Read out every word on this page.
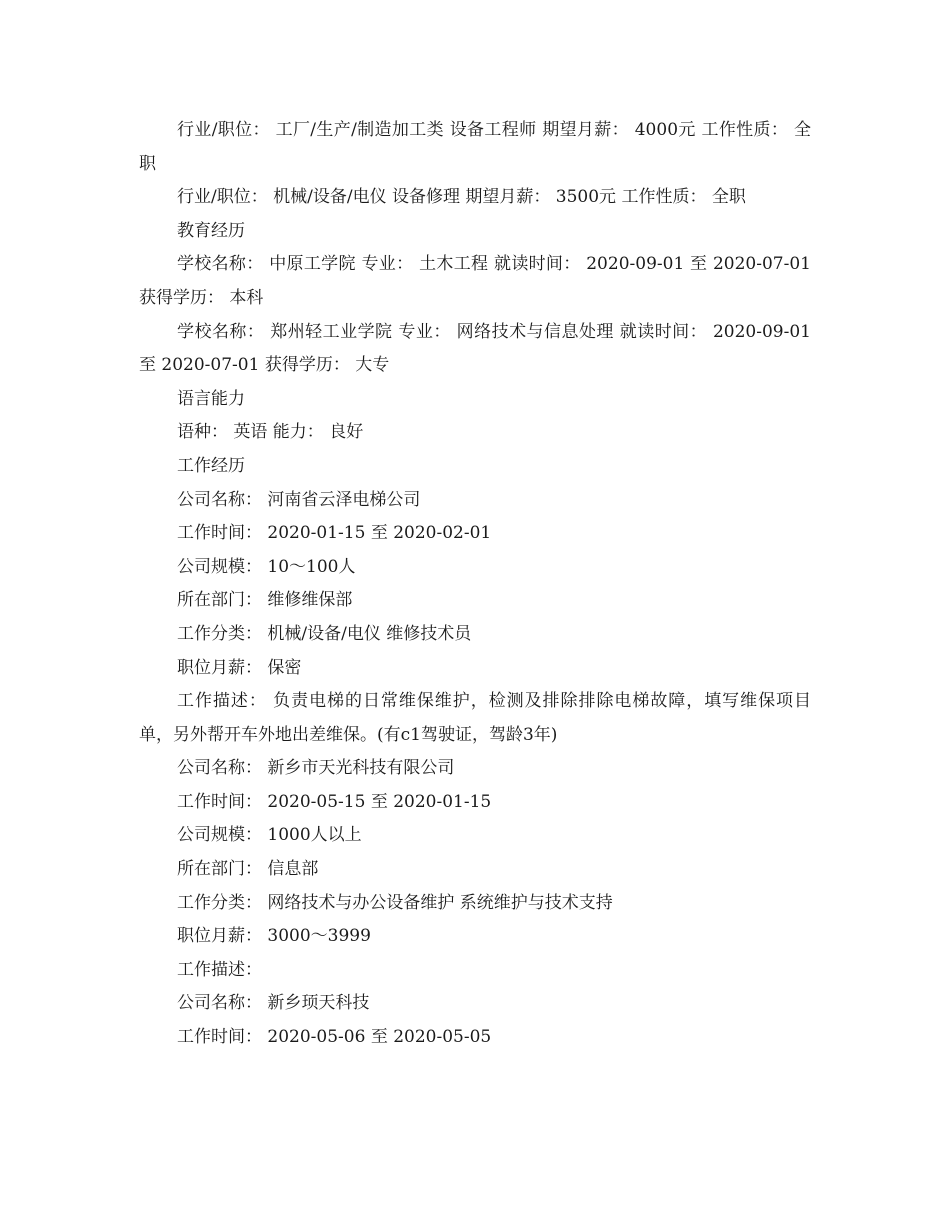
行业/职位： 工厂/生产/制造加工类 设备工程师 期望月薪： 4000元 工作性质： 全职

行业/职位： 机械/设备/电仪 设备修理 期望月薪： 3500元 工作性质： 全职

教育经历

学校名称： 中原工学院 专业： 土木工程 就读时间： 2020-09-01 至 2020-07-01 获得学历： 本科

学校名称： 郑州轻工业学院 专业： 网络技术与信息处理 就读时间： 2020-09-01 至 2020-07-01 获得学历： 大专

语言能力

语种： 英语 能力： 良好

工作经历

公司名称： 河南省云泽电梯公司

工作时间： 2020-01-15 至 2020-02-01

公司规模： 10～100人

所在部门： 维修维保部

工作分类： 机械/设备/电仪 维修技术员

职位月薪： 保密

工作描述： 负责电梯的日常维保维护，检测及排除排除电梯故障，填写维保项目单，另外帮开车外地出差维保。(有c1驾驶证，驾龄3年)

公司名称： 新乡市天光科技有限公司

工作时间： 2020-05-15 至 2020-01-15

公司规模： 1000人以上

所在部门： 信息部

工作分类： 网络技术与办公设备维护 系统维护与技术支持

职位月薪： 3000～3999

工作描述：

公司名称： 新乡顼天科技

工作时间： 2020-05-06 至 2020-05-05
